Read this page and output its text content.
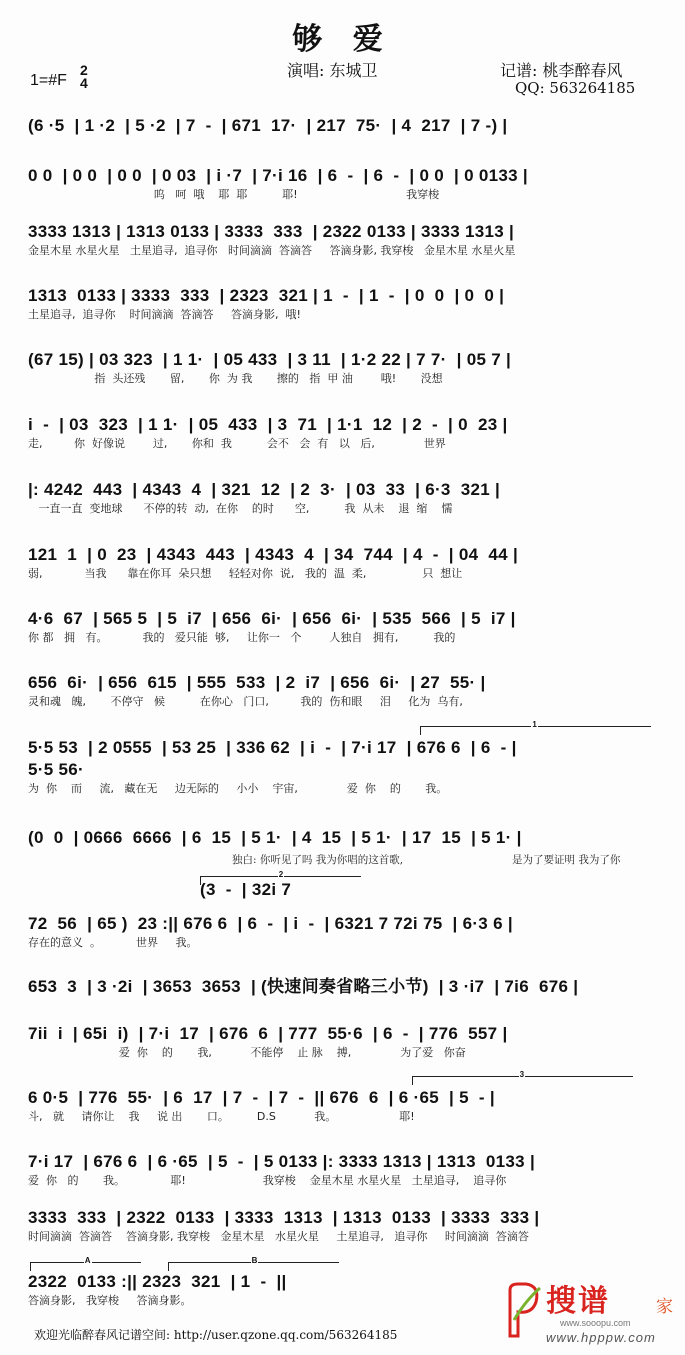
够 爱
1=#F
2
4
演唱: 东城卫	记谱: 桃李醉春风
QQ: 563264185
(6 ·5  | 1 ·2  | 5 ·2  | 7  -  | 671  17·  | 217  75·  | 4  217  | 7 -) |
0 0  | 0 0  | 0 0  | 0 03  | i ·7  | 7·i 16  | 6  -  | 6  -  | 0 0  | 0 0133 |
呜   呵  哦    耶  耶          耶!                               我穿梭
3333 1313 | 1313 0133 | 3333  333  | 2322 0133 | 3333 1313 |
金星木星 水星火星   土星追寻,  追寻你   时间滴滴  答滴答     答滴身影, 我穿梭   金星木星 水星火星
1313  0133 | 3333  333  | 2323  321 | 1  -  | 1  -  | 0  0  | 0  0 |
土星追寻,  追寻你    时间滴滴  答滴答     答滴身影,  哦!
(67 15) | 03 323  | 1 1·  | 05 433  | 3 11  | 1·2 22 | 7 7·  | 05 7 |
指  头还残       留,       你  为 我       擦的   指  甲 油        哦!       没想
i  -  | 03  323  | 1 1·  | 05  433  | 3  71  | 1·1  12  | 2  -  | 0  23 |
走,         你  好像说        过,       你和  我          会不   会  有   以   后,              世界
|: 4242  443  | 4343  4  | 321  12  | 2  3·  | 03  33  | 6·3  321 |
一直一直  变地球      不停的转  动,  在你    的时      空,          我  从未    退  缩    懦
121  1  | 0  23  | 4343  443  | 4343  4  | 34  744  | 4  -  | 04  44 |
弱,            当我      靠在你耳  朵只想     轻轻对你  说,   我的  温  柔,                只  想让
4·6  67  | 565 5  | 5  i7  | 656  6i·  | 656  6i·  | 535  566  | 5  i7 |
你 都   拥   有。          我的   爱只能  够,     让你一   个        人独自   拥有,          我的
656  6i·  | 656  615  | 555  533  | 2  i7  | 656  6i·  | 27  55· |
灵和魂   魄,       不停守   候          在你心   门口,         我的  伤和眼     泪     化为  乌有,
1
5·5 53  | 2 0555  | 53 25  | 336 62  | i  -  | 7·i 17  | 676 6  | 6  - |
5·5 56·
为  你    而     流,   藏在无     边无际的     小小    宇宙,              爱  你    的       我。
(0  0  | 0666  6666  | 6  15  | 5 1·  | 4  15  | 5 1·  | 17  15  | 5 1· |
独白: 你听见了吗 我为你唱的这首歌,	是为了要证明 我为了你
2
(3  -  | 32i 7
72  56  | 65 )  23 :|| 676 6  | 6  -  | i  -  | 6321 7 72i 75  | 6·3 6 |
存在的意义  。          世界     我。
653  3  | 3 ·2i  | 3653  3653  | (快速间奏省略三小节)  | 3 ·i7  | 7i6  676 |
7ii  i  | 65i  i)  | 7·i  17  | 676  6  | 777  55·6  | 6  -  | 776  557 |
爱  你    的       我,           不能停    止 脉    搏,              为了爱   你奋
3
6 0·5  | 776  55·  | 6  17  | 7  -  | 7  -  || 676  6  | 6 ·65  | 5  - |
斗,   就     请你让    我     说 出       口。        D.S           我。                  耶!
7·i 17  | 676 6  | 6 ·65  | 5  -  | 5 0133 |: 3333 1313 | 1313  0133 |
爱  你   的       我。             耶!                      我穿梭    金星木星 水星火星   土星追寻,    追寻你
3333  333  | 2322  0133  | 3333  1313  | 1313  0133  | 3333  333 |
时间滴滴  答滴答    答滴身影, 我穿梭   金星木星   水星火星     土星追寻,   追寻你     时间滴滴  答滴答
A	B
2322  0133 :|| 2323  321  | 1  -  ||
答滴身影,   我穿梭     答滴身影。
欢迎光临醉春风记谱空间: http://user.qzone.qq.com/563264185
搜谱	家
www.sooopu.com
www.hpppw.com
